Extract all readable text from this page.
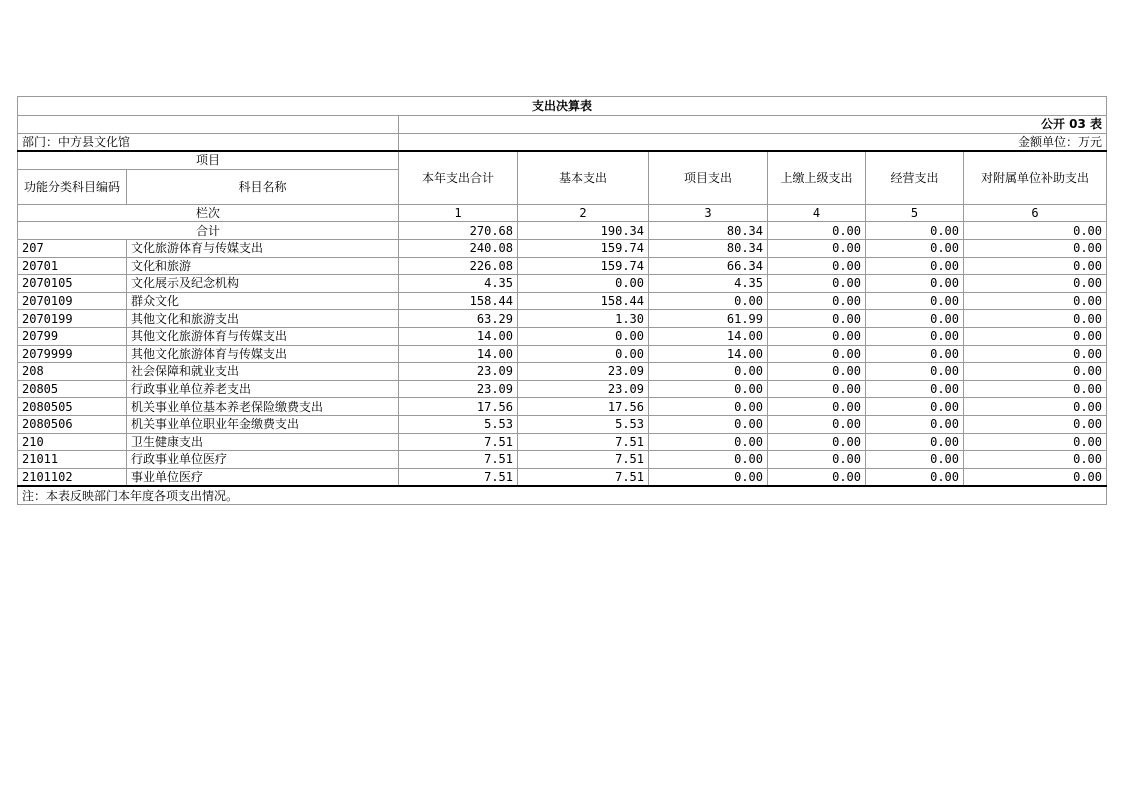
支出决算表							
		公开 03 表					
部门：中方县文化馆		金额单位：万元					
项目		本年支出合计	基本支出	项目支出	上缴上级支出	经营支出	对附属单位补助支出
功能分类科目编码	科目名称						
栏次		1	2	3	4	5	6
合计		270.68	190.34	80.34	0.00	0.00	0.00
207	文化旅游体育与传媒支出	240.08	159.74	80.34	0.00	0.00	0.00
20701	文化和旅游	226.08	159.74	66.34	0.00	0.00	0.00
2070105	文化展示及纪念机构	4.35	0.00	4.35	0.00	0.00	0.00
2070109	群众文化	158.44	158.44	0.00	0.00	0.00	0.00
2070199	其他文化和旅游支出	63.29	1.30	61.99	0.00	0.00	0.00
20799	其他文化旅游体育与传媒支出	14.00	0.00	14.00	0.00	0.00	0.00
2079999	其他文化旅游体育与传媒支出	14.00	0.00	14.00	0.00	0.00	0.00
208	社会保障和就业支出	23.09	23.09	0.00	0.00	0.00	0.00
20805	行政事业单位养老支出	23.09	23.09	0.00	0.00	0.00	0.00
2080505	机关事业单位基本养老保险缴费支出	17.56	17.56	0.00	0.00	0.00	0.00
2080506	机关事业单位职业年金缴费支出	5.53	5.53	0.00	0.00	0.00	0.00
210	卫生健康支出	7.51	7.51	0.00	0.00	0.00	0.00
21011	行政事业单位医疗	7.51	7.51	0.00	0.00	0.00	0.00
2101102	事业单位医疗	7.51	7.51	0.00	0.00	0.00	0.00
注：本表反映部门本年度各项支出情况。							
